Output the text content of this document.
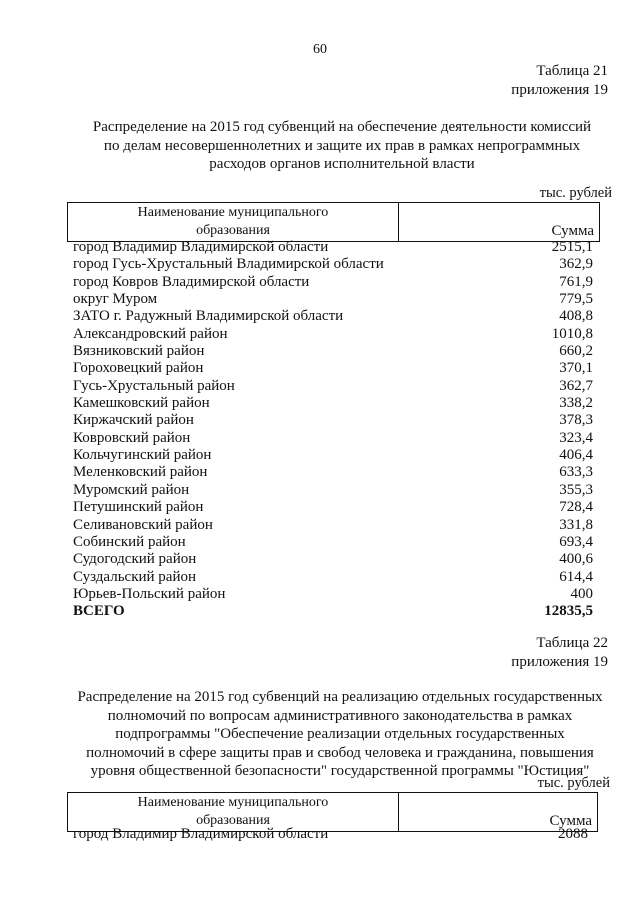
60
Таблица 21
приложения 19
Распределение на 2015 год субвенций на обеспечение деятельности комиссий
по делам несовершеннолетних и защите их прав в рамках непрограммных
расходов органов исполнительной власти
тыс. рублей
Наименование муниципального
образования	Сумма
город Владимир Владимирской области	2515,1
город Гусь-Хрустальный Владимирской области	362,9
город Ковров Владимирской области	761,9
округ Муром	779,5
ЗАТО г. Радужный Владимирской области	408,8
Александровский район	1010,8
Вязниковский район	660,2
Гороховецкий район	370,1
Гусь-Хрустальный район	362,7
Камешковский район	338,2
Киржачский район	378,3
Ковровский район	323,4
Кольчугинский район	406,4
Меленковский район	633,3
Муромский район	355,3
Петушинский район	728,4
Селивановский район	331,8
Собинский район	693,4
Судогодский район	400,6
Суздальский район	614,4
Юрьев-Польский район	400
ВСЕГО	12835,5
Таблица 22
приложения 19
Распределение на 2015 год субвенций на реализацию отдельных государственных
полномочий по вопросам административного законодательства в рамках
подпрограммы "Обеспечение реализации отдельных государственных
полномочий в сфере защиты прав и свобод человека и гражданина, повышения
уровня общественной безопасности" государственной программы "Юстиция"
тыс. рублей
Наименование муниципального
образования	Сумма
город Владимир Владимирской области	2088
